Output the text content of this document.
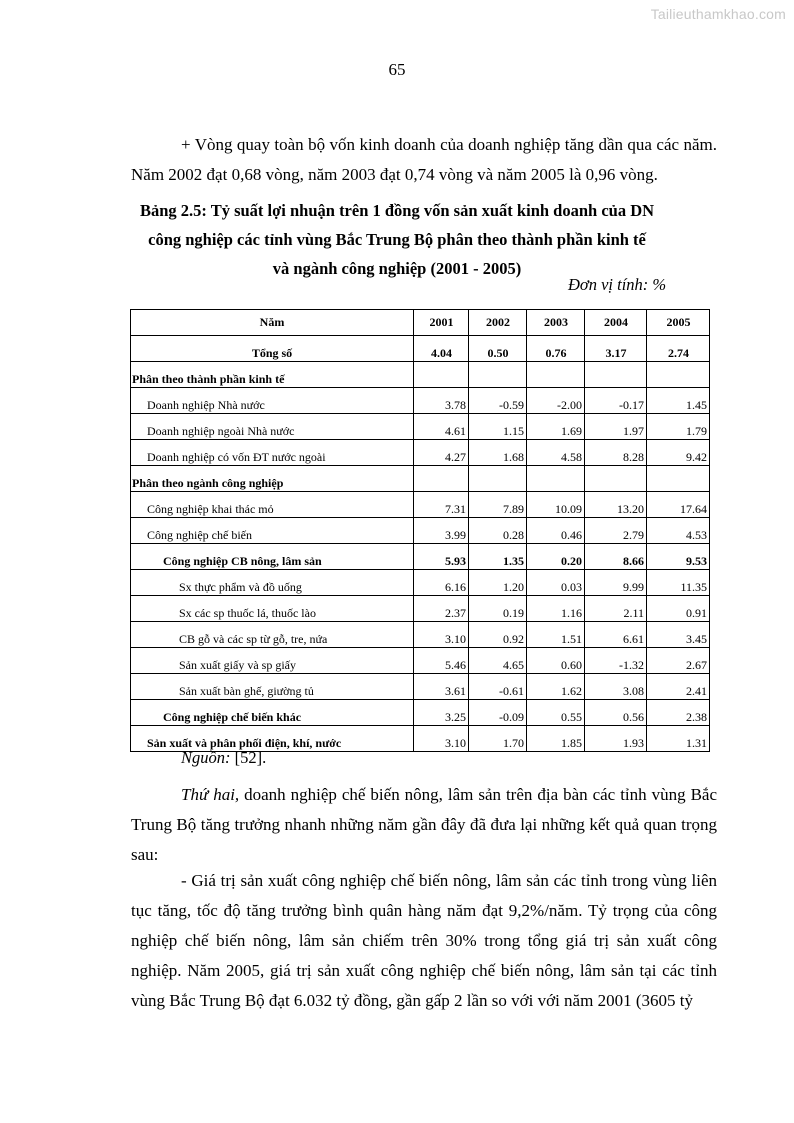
Tailieuthamkhao.com
65

+ Vòng quay toàn bộ vốn kinh doanh của doanh nghiệp tăng dần qua các năm. Năm 2002 đạt 0,68 vòng, năm 2003 đạt 0,74 vòng và năm 2005 là 0,96 vòng.

Bảng 2.5: Tỷ suất lợi nhuận trên 1 đồng vốn sản xuất kinh doanh của DN
công nghiệp các tỉnh vùng Bắc Trung Bộ phân theo thành phần kinh tế
và ngành công nghiệp (2001 - 2005)
Đơn vị tính: %
Năm	2001	2002	2003	2004	2005
Tổng số	4.04	0.50	0.76	3.17	2.74
Phân theo thành phần kinh tế					
Doanh nghiệp Nhà nước	3.78	-0.59	-2.00	-0.17	1.45
Doanh nghiệp ngoài Nhà nước	4.61	1.15	1.69	1.97	1.79
Doanh nghiệp có vốn ĐT nước ngoài	4.27	1.68	4.58	8.28	9.42
Phân theo ngành công nghiệp					
Công nghiệp khai thác mỏ	7.31	7.89	10.09	13.20	17.64
Công nghiệp chế biến	3.99	0.28	0.46	2.79	4.53
Công nghiệp CB nông, lâm sản	5.93	1.35	0.20	8.66	9.53
Sx thực phẩm và đồ uống	6.16	1.20	0.03	9.99	11.35
Sx các sp thuốc lá, thuốc lào	2.37	0.19	1.16	2.11	0.91
CB gỗ và các sp từ gỗ, tre, nứa	3.10	0.92	1.51	6.61	3.45
Sản xuất giấy và sp giấy	5.46	4.65	0.60	-1.32	2.67
Sản xuất bàn ghế, giường tủ	3.61	-0.61	1.62	3.08	2.41
Công nghiệp chế biến khác	3.25	-0.09	0.55	0.56	2.38
Sản xuất và phân phối điện, khí, nước	3.10	1.70	1.85	1.93	1.31
Nguồn: [52].

Thứ hai, doanh nghiệp chế biến nông, lâm sản trên địa bàn các tỉnh vùng Bắc Trung Bộ tăng trưởng nhanh những năm gần đây đã đưa lại những kết quả quan trọng sau:

- Giá trị sản xuất công nghiệp chế biến nông, lâm sản các tỉnh trong vùng liên tục tăng, tốc độ tăng trưởng bình quân hàng năm đạt 9,2%/năm. Tỷ trọng của công nghiệp chế biến nông, lâm sản chiếm trên 30% trong tổng giá trị sản xuất công nghiệp. Năm 2005, giá trị sản xuất công nghiệp chế biến nông, lâm sản tại các tỉnh vùng Bắc Trung Bộ đạt 6.032 tỷ đồng, gần gấp 2 lần so với với năm 2001 (3605 tỷ
